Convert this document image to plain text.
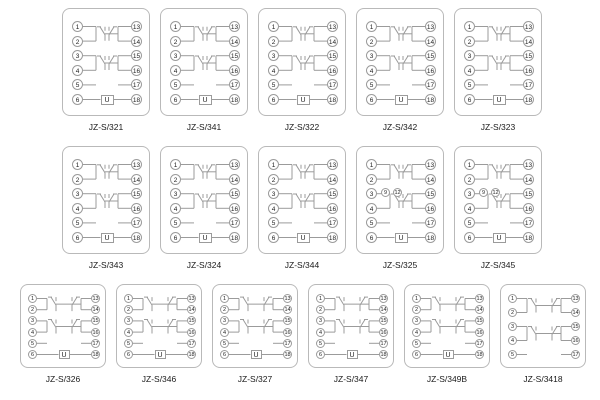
1	13
2	14
3	15
4	16
5	17
6	18
U
JZ-S/321
1	13
2	14
3	15
4	16
5	17
6	18
U
JZ-S/341
1	13
2	14
3	15
4	16
5	17
6	18
U
JZ-S/322
1	13
2	14
3	15
4	16
5	17
6	18
U
JZ-S/342
1	13
2	14
3	15
4	16
5	17
6	18
U
JZ-S/323
1	13
2	14
3	15
4	16
5	17
6	18
U
JZ-S/343
1	13
2	14
3	15
4	16
5	17
6	18
U
JZ-S/324
1	13
2	14
3	15
4	16
5	17
6	18
U
JZ-S/344
1	13
2	14
3	15
4	16
5	17
6	18
U
9	12
JZ-S/325
1	13
2	14
3	15
4	16
5	17
6	18
U
9	12
JZ-S/345
1	13
2	14
3	15
4	16
5	17
6	18
U
JZ-S/326
1	13
2	14
3	15
4	16
5	17
6	18
U
JZ-S/346
1	13
2	14
3	15
4	16
5	17
6	18
U
JZ-S/327
1	13
2	14
3	15
4	16
5	17
6	18
U
JZ-S/347
1	13
2	14
3	15
4	16
5	17
6	18
U
JZ-S/349B
1	13
2	14
3	15
4	16
5	17
JZ-S/3418
